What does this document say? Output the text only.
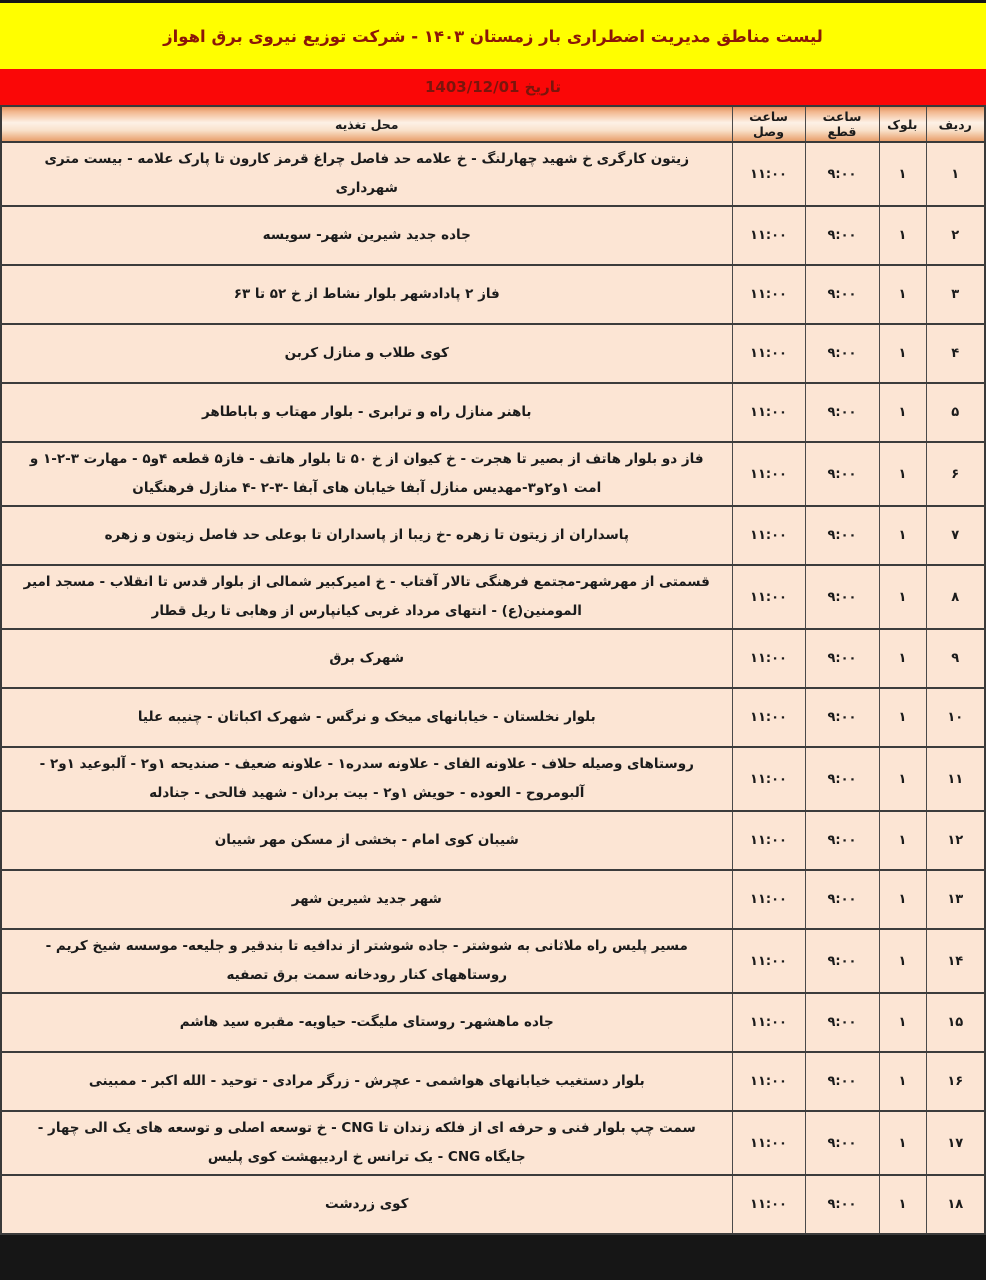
لیست مناطق مدیریت اضطراری بار زمستان ۱۴۰۳ - شرکت توزیع نیروی برق اهواز
تاریخ 1403/12/01
ردیف	بلوک	ساعت قطع	ساعت وصل	محل تغذیه
۱	۱	۹:۰۰	۱۱:۰۰	زیتون کارگری خ شهید چهارلنگ - خ علامه حد فاصل چراغ قرمز کارون تا پارک علامه - بیست متری شهرداری
۲	۱	۹:۰۰	۱۱:۰۰	جاده جدید شیرین شهر- سویسه
۳	۱	۹:۰۰	۱۱:۰۰	فاز ۲ پادادشهر بلوار نشاط از خ ۵۲ تا ۶۳
۴	۱	۹:۰۰	۱۱:۰۰	کوی طلاب و منازل کربن
۵	۱	۹:۰۰	۱۱:۰۰	باهنر منازل راه و ترابری - بلوار مهتاب و باباطاهر
۶	۱	۹:۰۰	۱۱:۰۰	فاز دو بلوار هاتف از بصیر تا هجرت - خ کیوان از خ ۵۰ تا بلوار هاتف - فاز۵ قطعه ۴و۵ - مهارت ۳-۲-۱ و امت ۱و۲و۳-مهدیس منازل آبفا خیابان های آبفا -۳-۲ -۴ منازل فرهنگیان
۷	۱	۹:۰۰	۱۱:۰۰	پاسداران از زیتون تا زهره -خ زیبا از پاسداران تا بوعلی حد فاصل زیتون و زهره
۸	۱	۹:۰۰	۱۱:۰۰	قسمتی از مهرشهر-مجتمع فرهنگی تالار آفتاب - خ امیرکبیر شمالی از بلوار قدس تا انقلاب - مسجد امیر المومنین(ع) - انتهای مرداد غربی کیانپارس از وهابی تا ریل قطار
۹	۱	۹:۰۰	۱۱:۰۰	شهرک برق
۱۰	۱	۹:۰۰	۱۱:۰۰	بلوار نخلستان - خیابانهای میخک و نرگس - شهرک اکباتان - چنیبه علیا
۱۱	۱	۹:۰۰	۱۱:۰۰	روستاهای وصیله حلاف - علاونه الفای - علاونه سدره۱ - علاونه ضعیف - صندیحه ۱و۲ - آلبوعید ۱و۲ - آلبومروح - العوده - حویش ۱و۲ - بیت بردان - شهید فالحی - جنادله
۱۲	۱	۹:۰۰	۱۱:۰۰	شیبان کوی امام - بخشی از مسکن مهر شیبان
۱۳	۱	۹:۰۰	۱۱:۰۰	شهر جدید شیرین شهر
۱۴	۱	۹:۰۰	۱۱:۰۰	مسیر پلیس راه ملاثانی به شوشتر - جاده شوشتر از ندافیه تا بندقیر و جلیعه- موسسه شیخ کریم - روستاههای کنار رودخانه سمت برق تصفیه
۱۵	۱	۹:۰۰	۱۱:۰۰	جاده ماهشهر- روستای ملیگت- حیاویه- مقبره سید هاشم
۱۶	۱	۹:۰۰	۱۱:۰۰	بلوار دستغیب خیابانهای هواشمی - عچرش - زرگر مرادی - توحید - الله اکبر - ممبینی
۱۷	۱	۹:۰۰	۱۱:۰۰	سمت چپ بلوار فنی و حرفه ای از فلکه زندان تا CNG - خ توسعه اصلی و توسعه های یک الی چهار - جایگاه CNG - یک ترانس خ اردیبهشت کوی پلیس
۱۸	۱	۹:۰۰	۱۱:۰۰	کوی زردشت
